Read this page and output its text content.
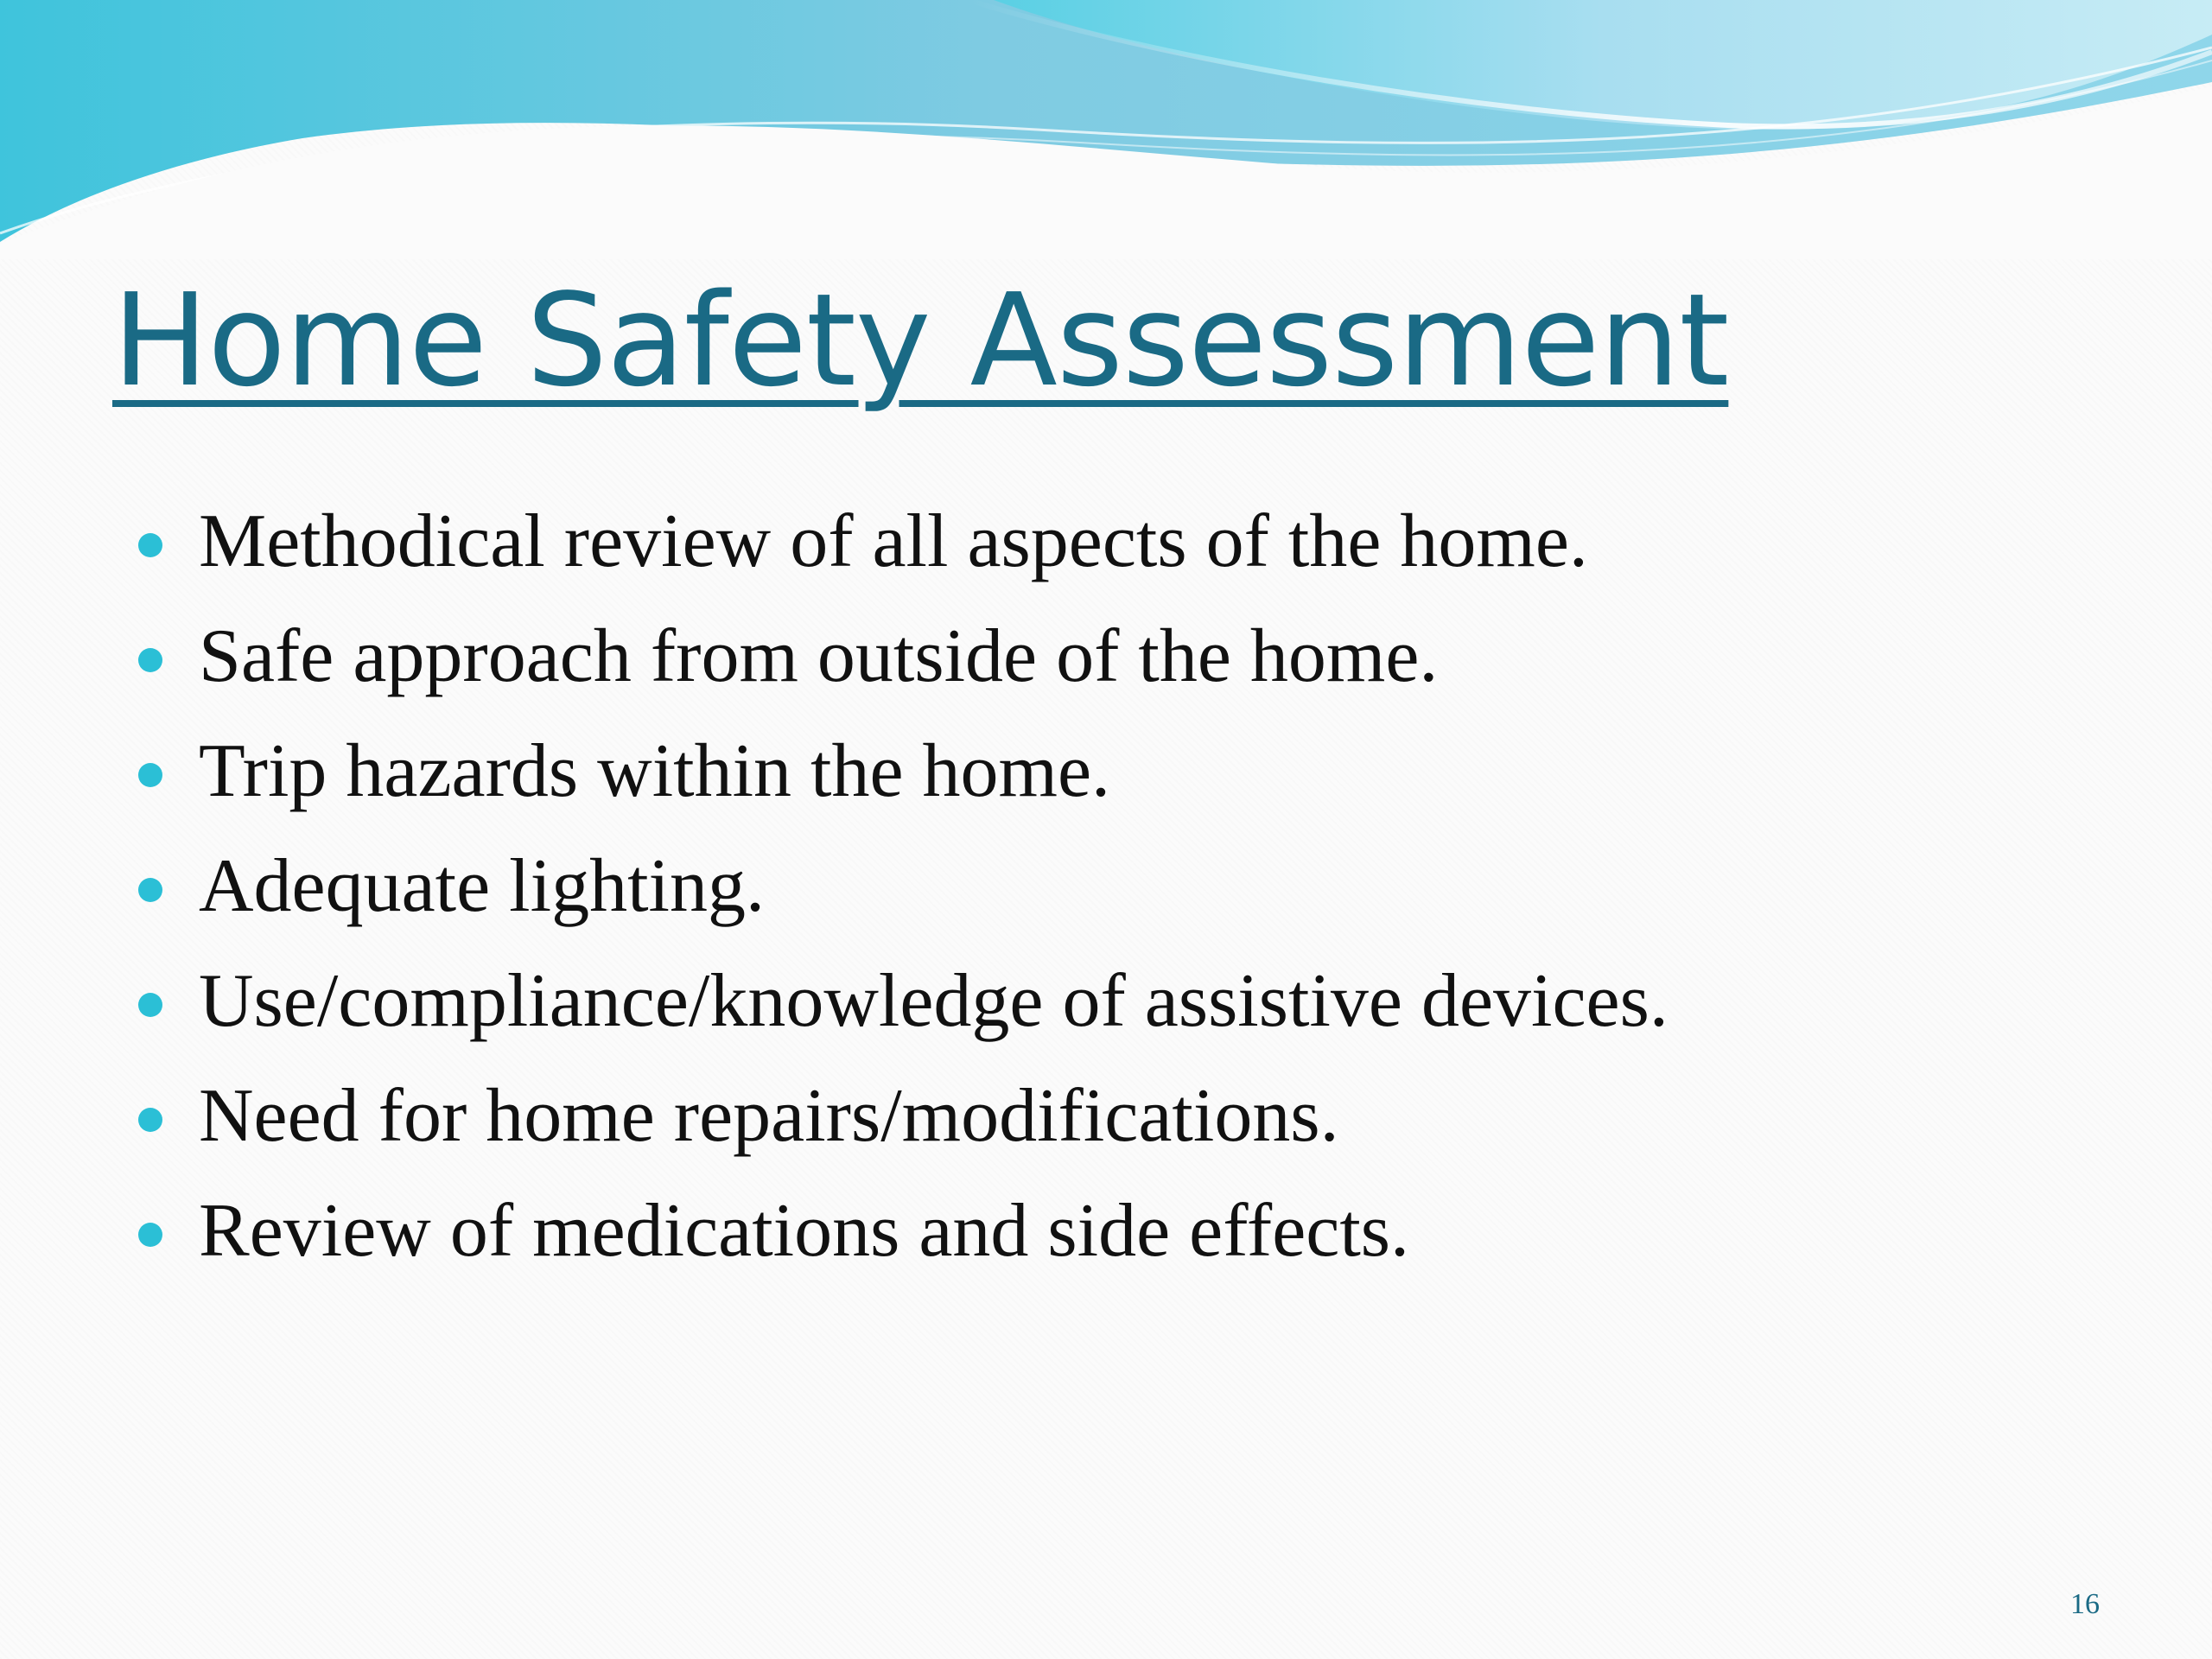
Home Safety Assessment
Methodical review of all aspects of the home.
Safe approach from outside of the home.
Trip hazards within the home.
Adequate lighting.
Use/compliance/knowledge of assistive devices.
Need for home repairs/modifications.
Review of medications and side effects.
16
